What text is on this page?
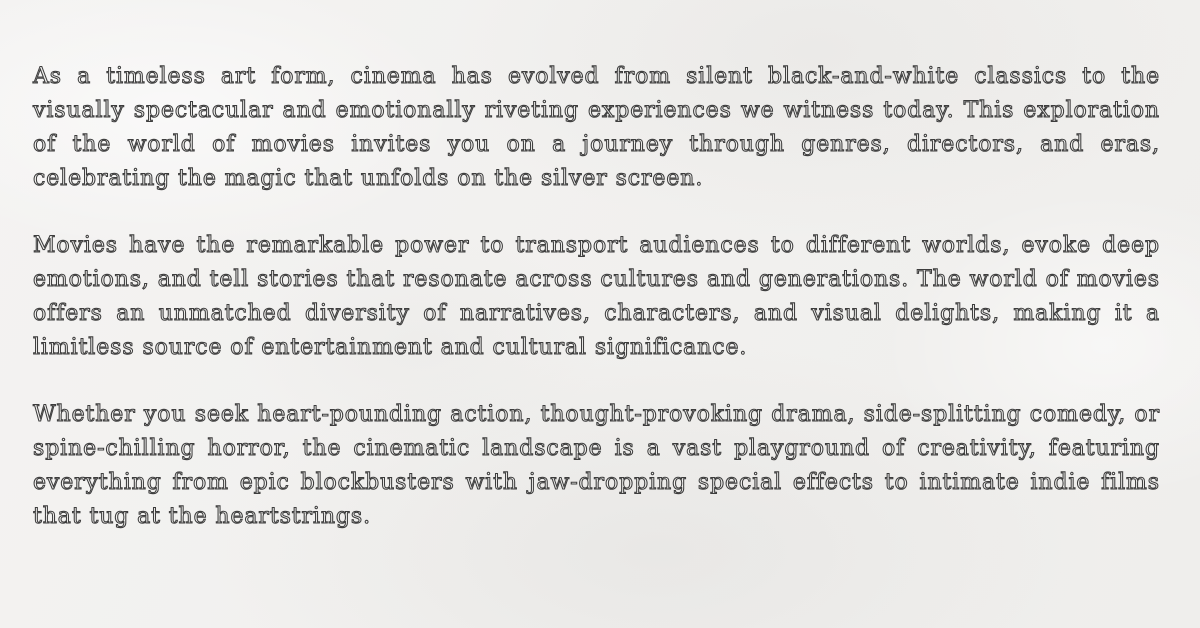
As a timeless art form, cinema has evolved from silent black-and-white classics to the visually spectacular and emotionally riveting experiences we witness today. This exploration of the world of movies invites you on a journey through genres, directors, and eras, celebrating the magic that unfolds on the silver screen.

Movies have the remarkable power to transport audiences to different worlds, evoke deep emotions, and tell stories that resonate across cultures and generations. The world of movies offers an unmatched diversity of narratives, characters, and visual delights, making it a limitless source of entertainment and cultural significance.

Whether you seek heart-pounding action, thought-provoking drama, side-splitting comedy, or spine-chilling horror, the cinematic landscape is a vast playground of creativity, featuring everything from epic blockbusters with jaw-dropping special effects to intimate indie films that tug at the heartstrings.
